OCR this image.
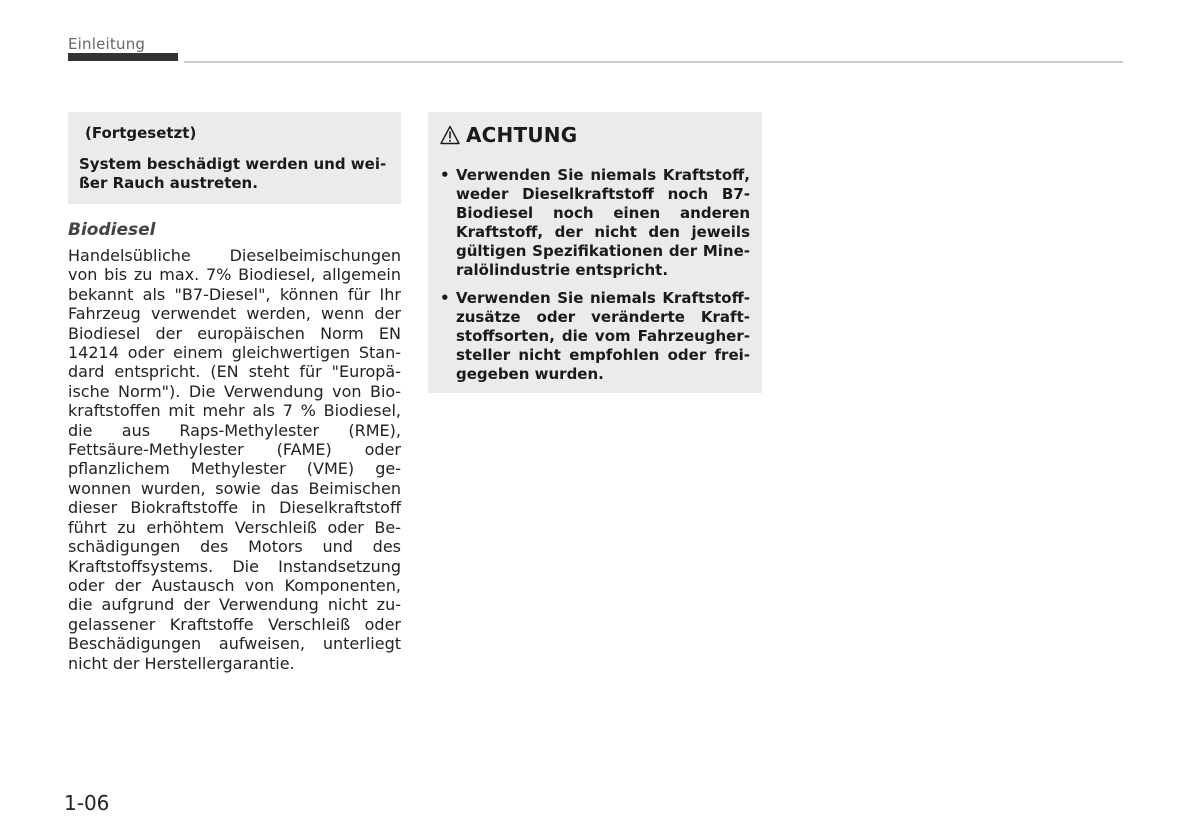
Einleitung

(Fortgesetzt)

System beschädigt werden und weißer Rauch austreten.

Biodiesel

Handelsübliche Dieselbeimischungen von bis zu max. 7% Biodiesel, allgemein bekannt als "B7-Diesel", können für Ihr Fahrzeug verwendet werden, wenn der Biodiesel der europäischen Norm EN 14214 oder einem gleichwertigen Standard entspricht. (EN steht für "Europäische Norm"). Die Verwendung von Biokraftstoffen mit mehr als 7 % Biodiesel, die aus Raps-Methylester (RME), Fettsäure-Methylester (FAME) oder pflanzlichem Methylester (VME) gewonnen wurden, sowie das Beimischen dieser Biokraftstoffe in Dieselkraftstoff führt zu erhöhtem Verschleiß oder Beschädigungen des Motors und des Kraftstoffsystems. Die Instandsetzung oder der Austausch von Komponenten, die aufgrund der Verwendung nicht zugelassener Kraftstoffe Verschleiß oder Beschädigungen aufweisen, unterliegt nicht der Herstellergarantie.

ACHTUNG
• Verwenden Sie niemals Kraftstoff, weder Dieselkraftstoff noch B7-Biodiesel noch einen anderen Kraftstoff, der nicht den jeweils gültigen Spezifikationen der Mineralölindustrie entspricht.
• Verwenden Sie niemals Kraftstoffzusätze oder veränderte Kraftstoffsorten, die vom Fahrzeughersteller nicht empfohlen oder freigegeben wurden.
1-06
